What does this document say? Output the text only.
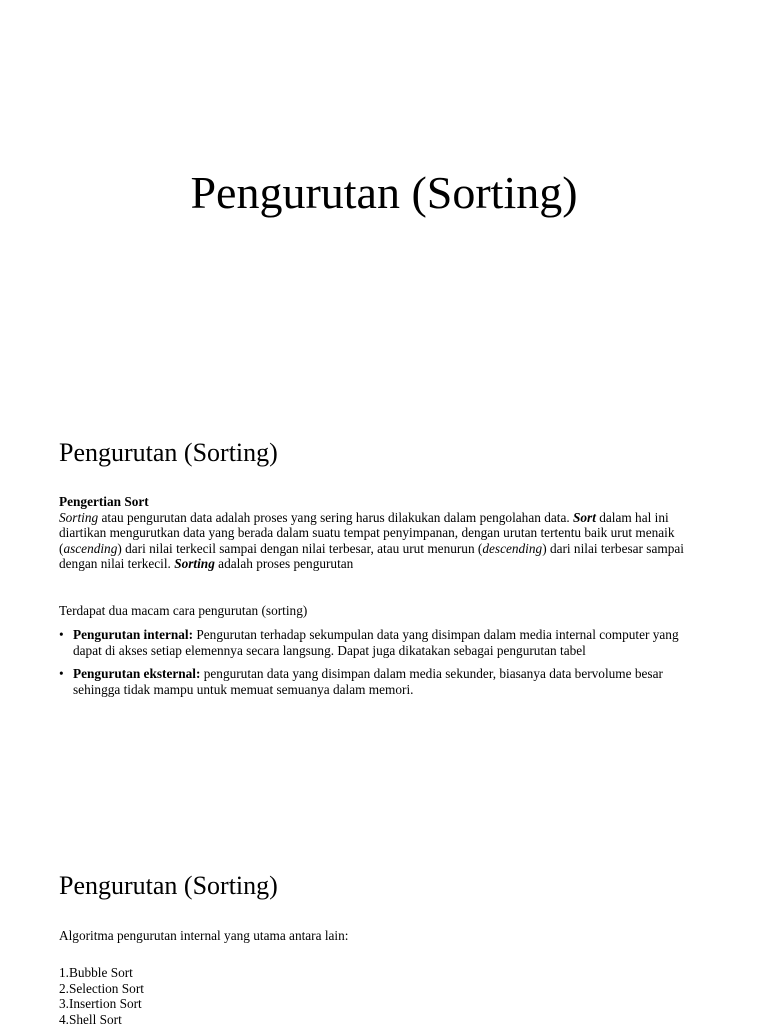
Pengurutan (Sorting)
Pengurutan (Sorting)
Pengertian Sort
Sorting atau pengurutan data adalah proses yang sering harus dilakukan dalam pengolahan data. Sort dalam hal ini diartikan mengurutkan data yang berada dalam suatu tempat penyimpanan, dengan urutan tertentu baik urut menaik (ascending) dari nilai terkecil sampai dengan nilai terbesar, atau urut menurun (descending) dari nilai terbesar sampai dengan nilai terkecil. Sorting adalah proses pengurutan
Terdapat dua macam cara pengurutan (sorting)
• Pengurutan internal: Pengurutan terhadap sekumpulan data yang disimpan dalam media internal computer yang dapat di akses setiap elemennya secara langsung. Dapat juga dikatakan sebagai pengurutan tabel
• Pengurutan eksternal: pengurutan data yang disimpan dalam media sekunder, biasanya data bervolume besar sehingga tidak mampu untuk memuat semuanya dalam memori.
Pengurutan (Sorting)
Algoritma pengurutan internal yang utama antara lain:
1.Bubble Sort
2.Selection Sort
3.Insertion Sort
4.Shell Sort
